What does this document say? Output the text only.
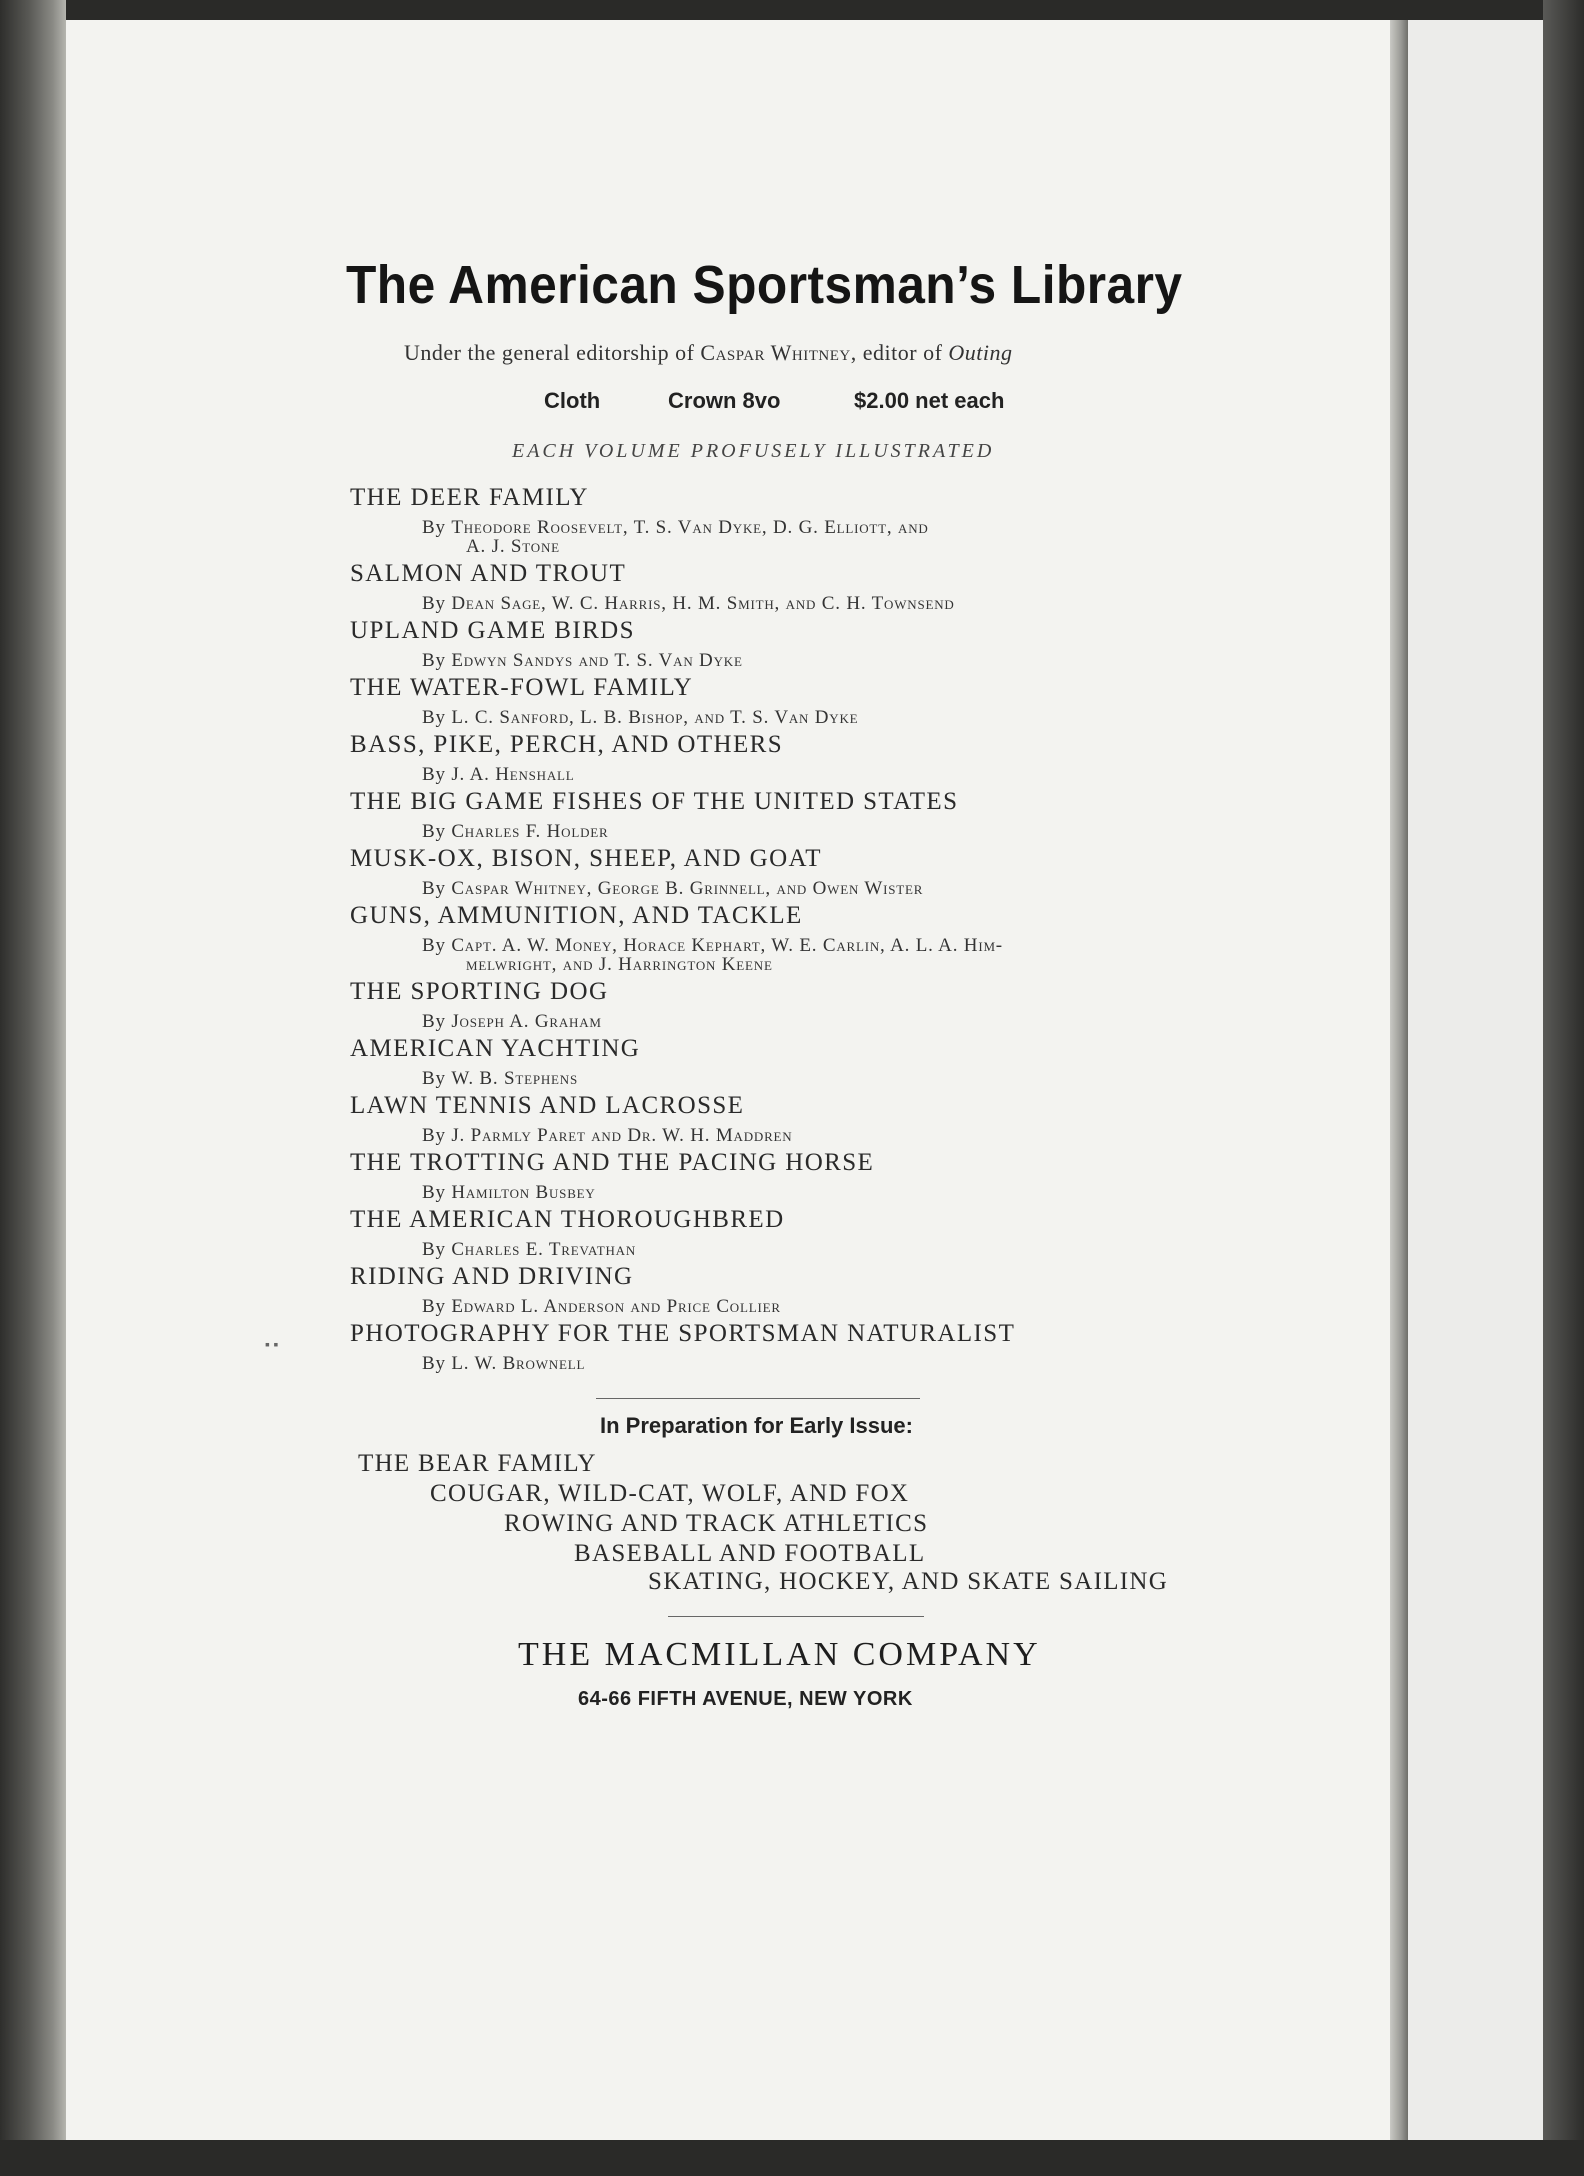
The American Sportsman’s Library
Under the general editorship of Caspar Whitney, editor of Outing
Cloth	Crown 8vo	$2.00 net each
EACH VOLUME PROFUSELY ILLUSTRATED
THE DEER FAMILY
By Theodore Roosevelt, T. S. Van Dyke, D. G. Elliott, and
A. J. Stone
SALMON AND TROUT
By Dean Sage, W. C. Harris, H. M. Smith, and C. H. Townsend
UPLAND GAME BIRDS
By Edwyn Sandys and T. S. Van Dyke
THE WATER-FOWL FAMILY
By L. C. Sanford, L. B. Bishop, and T. S. Van Dyke
BASS, PIKE, PERCH, AND OTHERS
By J. A. Henshall
THE BIG GAME FISHES OF THE UNITED STATES
By Charles F. Holder
MUSK-OX, BISON, SHEEP, AND GOAT
By Caspar Whitney, George B. Grinnell, and Owen Wister
GUNS, AMMUNITION, AND TACKLE
By Capt. A. W. Money, Horace Kephart, W. E. Carlin, A. L. A. Him-
melwright, and J. Harrington Keene
THE SPORTING DOG
By Joseph A. Graham
AMERICAN YACHTING
By W. B. Stephens
LAWN TENNIS AND LACROSSE
By J. Parmly Paret and Dr. W. H. Maddren
THE TROTTING AND THE PACING HORSE
By Hamilton Busbey
THE AMERICAN THOROUGHBRED
By Charles E. Trevathan
RIDING AND DRIVING
By Edward L. Anderson and Price Collier
PHOTOGRAPHY FOR THE SPORTSMAN NATURALIST
By L. W. Brownell
▪ ▪
In Preparation for Early Issue:
THE BEAR FAMILY
COUGAR, WILD-CAT, WOLF, AND FOX
ROWING AND TRACK ATHLETICS
BASEBALL AND FOOTBALL
SKATING, HOCKEY, AND SKATE SAILING
THE MACMILLAN COMPANY
64-66 FIFTH AVENUE, NEW YORK
